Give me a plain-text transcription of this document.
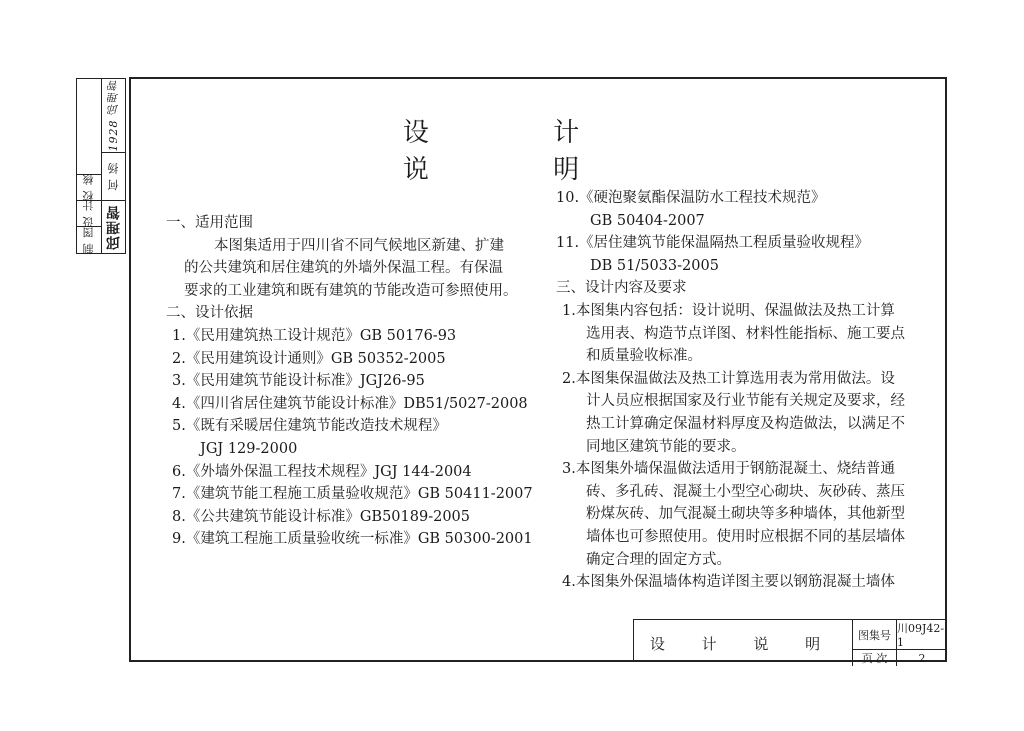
校 核
设 计
制 图
1928 邱理智
何 扬
邱理智
设 计 说 明

一、适用范围

本图集适用于四川省不同气候地区新建、扩建

的公共建筑和居住建筑的外墙外保温工程。有保温

要求的工业建筑和既有建筑的节能改造可参照使用。

二、设计依据

1.《民用建筑热工设计规范》GB 50176-93

2.《民用建筑设计通则》GB 50352-2005

3.《民用建筑节能设计标准》JGJ26-95

4.《四川省居住建筑节能设计标准》DB51/5027-2008

5.《既有采暖居住建筑节能改造技术规程》

JGJ 129-2000

6.《外墙外保温工程技术规程》JGJ 144-2004

7.《建筑节能工程施工质量验收规范》GB 50411-2007

8.《公共建筑节能设计标准》GB50189-2005

9.《建筑工程施工质量验收统一标准》GB 50300-2001

10.《硬泡聚氨酯保温防水工程技术规范》

GB 50404-2007

11.《居住建筑节能保温隔热工程质量验收规程》

DB 51/5033-2005

三、设计内容及要求

1.本图集内容包括：设计说明、保温做法及热工计算

选用表、构造节点详图、材料性能指标、施工要点

和质量验收标准。

2.本图集保温做法及热工计算选用表为常用做法。设

计人员应根据国家及行业节能有关规定及要求，经

热工计算确定保温材料厚度及构造做法，以满足不

同地区建筑节能的要求。

3.本图集外墙保温做法适用于钢筋混凝土、烧结普通

砖、多孔砖、混凝土小型空心砌块、灰砂砖、蒸压

粉煤灰砖、加气混凝土砌块等多种墙体，其他新型

墙体也可参照使用。使用时应根据不同的基层墙体

确定合理的固定方式。

4.本图集外保温墙体构造详图主要以钢筋混凝土墙体

设 计 说 明	图集号 川09J42-1
页 次	2
